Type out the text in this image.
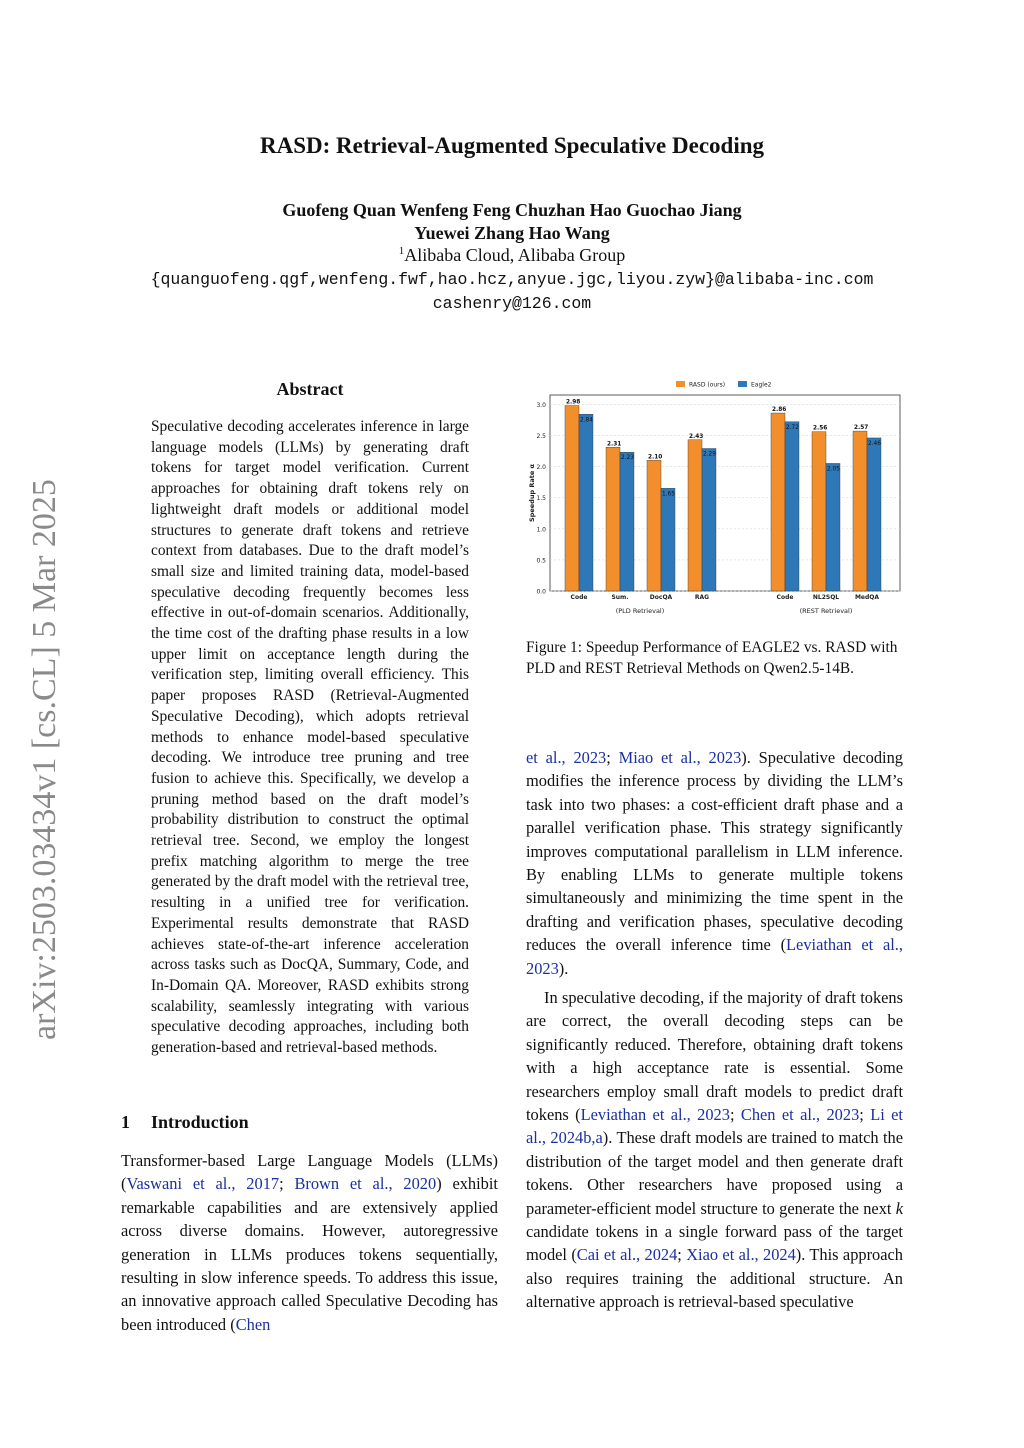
RASD: Retrieval-Augmented Speculative Decoding
Guofeng Quan Wenfeng Feng Chuzhan Hao Guochao Jiang
Yuewei Zhang Hao Wang
$^1$Alibaba Cloud, Alibaba Group
{quanguofeng.qgf,wenfeng.fwf,hao.hcz,anyue.jgc,liyou.zyw}@alibaba-inc.com
cashenry@126.com
arXiv:2503.03434v1 [cs.CL] 5 Mar 2025
Abstract
Speculative decoding accelerates inference in large language models (LLMs) by generating draft tokens for target model verification. Current approaches for obtaining draft tokens rely on lightweight draft models or additional model structures to generate draft tokens and retrieve context from databases. Due to the draft model’s small size and limited training data, model-based speculative decoding frequently becomes less effective in out-of-domain scenarios. Additionally, the time cost of the drafting phase results in a low upper limit on acceptance length during the verification step, limiting overall efficiency. This paper proposes RASD (Retrieval-Augmented Speculative Decoding), which adopts retrieval methods to enhance model-based speculative decoding. We introduce tree pruning and tree fusion to achieve this. Specifically, we develop a pruning method based on the draft model’s probability distribution to construct the optimal retrieval tree. Second, we employ the longest prefix matching algorithm to merge the tree generated by the draft model with the retrieval tree, resulting in a unified tree for verification. Experimental results demonstrate that RASD achieves state-of-the-art inference acceleration across tasks such as DocQA, Summary, Code, and In-Domain QA. Moreover, RASD exhibits strong scalability, seamlessly integrating with various speculative decoding approaches, including both generation-based and retrieval-based methods.
1 Introduction
Transformer-based Large Language Models (LLMs) (Vaswani et al., 2017; Brown et al., 2020) exhibit remarkable capabilities and are extensively applied across diverse domains. However, autoregressive generation in LLMs produces tokens sequentially, resulting in slow inference speeds. To address this issue, an innovative approach called Speculative Decoding has been introduced (Chen
et al., 2023; Miao et al., 2023). Speculative decoding modifies the inference process by dividing the LLM’s task into two phases: a cost-efficient draft phase and a parallel verification phase. This strategy significantly improves computational parallelism in LLM inference. By enabling LLMs to generate multiple tokens simultaneously and minimizing the time spent in the drafting and verification phases, speculative decoding reduces the overall inference time (Leviathan et al., 2023).
In speculative decoding, if the majority of draft tokens are correct, the overall decoding steps can be significantly reduced. Therefore, obtaining draft tokens with a high acceptance rate is essential. Some researchers employ small draft models to predict draft tokens (Leviathan et al., 2023; Chen et al., 2023; Li et al., 2024b,a). These draft models are trained to match the distribution of the target model and then generate draft tokens. Other researchers have proposed using a parameter-efficient model structure to generate the next k candidate tokens in a single forward pass of the target model (Cai et al., 2024; Xiao et al., 2024). This approach also requires training the additional structure. An alternative approach is retrieval-based speculative
0.0
0.5
1.0
1.5
2.0
2.5
3.0
Speedup Rate α
RASD (ours)	Eagle2
2.98
2.84
Code
2.31
2.23
Sum.
2.10
1.65
DocQA
2.43
2.29
RAG
(PLD Retrieval)
2.86
2.72
Code
2.56
2.05
NL2SQL
2.57
2.46
MedQA
(REST Retrieval)
Figure 1: Speedup Performance of EAGLE2 vs. RASD with PLD and REST Retrieval Methods on Qwen2.5-14B.
